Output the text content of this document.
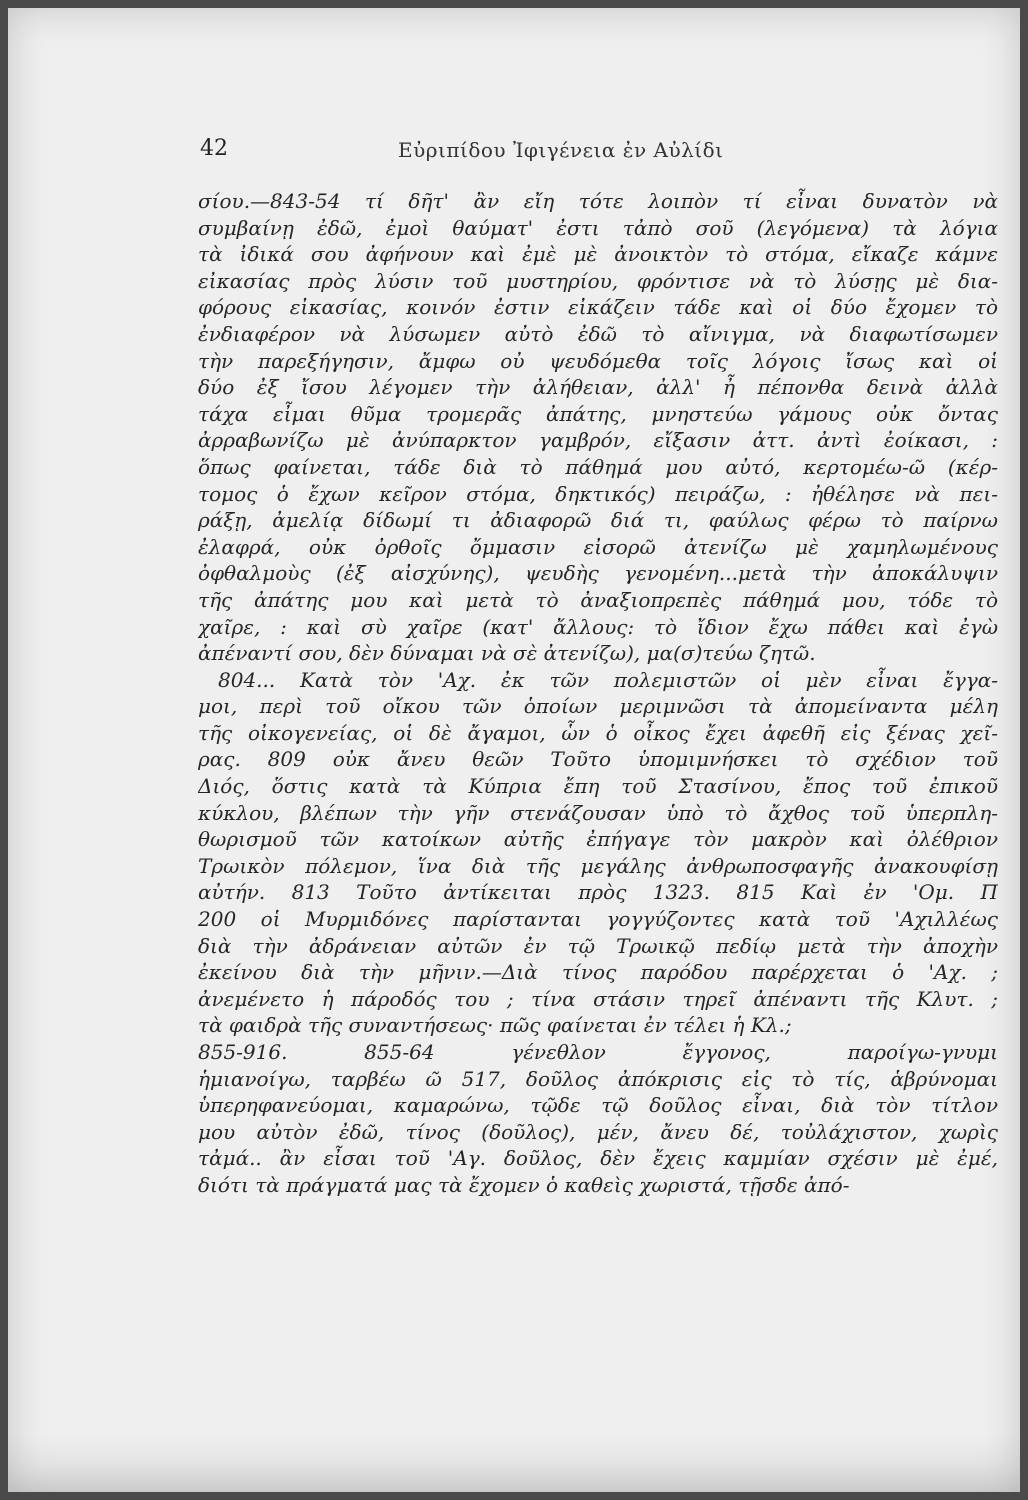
42	Εὐριπίδου Ἰφιγένεια ἐν Αὐλίδι
σίου.—843-54 τί δῆτ' ἂν εἴη τότε λοιπὸν τί εἶναι δυνατὸν νὰ
συμβαίνῃ ἐδῶ, ἐμοὶ θαύματ' ἐστι τἀπὸ σοῦ (λεγόμενα) τὰ λόγια
τὰ ἰδικά σου ἀφήνουν καὶ ἐμὲ μὲ ἀνοικτὸν τὸ στόμα, εἴκαζε κάμνε
εἰκασίας πρὸς λύσιν τοῦ μυστηρίου, φρόντισε νὰ τὸ λύσῃς μὲ δια-
φόρους εἰκασίας, κοινόν ἐστιν εἰκάζειν τάδε καὶ οἱ δύο ἔχομεν τὸ
ἐνδιαφέρον νὰ λύσωμεν αὐτὸ ἐδῶ τὸ αἴνιγμα, νὰ διαφωτίσωμεν
τὴν παρεξήγησιν, ἄμφω οὐ ψευδόμεθα τοῖς λόγοις ἴσως καὶ οἱ
δύο ἐξ ἴσου λέγομεν τὴν ἀλήθειαν, ἀλλ' ἦ πέπονθα δεινὰ ἀλλὰ
τάχα εἶμαι θῦμα τρομερᾶς ἀπάτης, μνηστεύω γάμους οὐκ ὄντας
ἀρραβωνίζω μὲ ἀνύπαρκτον γαμβρόν, εἴξασιν ἀττ. ἀντὶ ἐοίκασι, :
ὅπως φαίνεται, τάδε διὰ τὸ πάθημά μου αὐτό, κερτομέω-ῶ (κέρ-
τομος ὁ ἔχων κεῖρον στόμα, δηκτικός) πειράζω, : ἠθέλησε νὰ πει-
ράξῃ, ἀμελίᾳ δίδωμί τι ἀδιαφορῶ διά τι, φαύλως φέρω τὸ παίρνω
ἐλαφρά, οὐκ ὀρθοῖς ὄμμασιν εἰσορῶ ἀτενίζω μὲ χαμηλωμένους
ὀφθαλμοὺς (ἐξ αἰσχύνης), ψευδὴς γενομένη...μετὰ τὴν ἀποκάλυψιν
τῆς ἀπάτης μου καὶ μετὰ τὸ ἀναξιοπρεπὲς πάθημά μου, τόδε τὸ
χαῖρε, : καὶ σὺ χαῖρε (κατ' ἄλλους: τὸ ἴδιον ἔχω πάθει καὶ ἐγὼ
ἀπέναντί σου, δὲν δύναμαι νὰ σὲ ἀτενίζω), μα(σ)τεύω ζητῶ.
804... Κατὰ τὸν 'Αχ. ἐκ τῶν πολεμιστῶν οἱ μὲν εἶναι ἔγγα-
μοι, περὶ τοῦ οἴκου τῶν ὁποίων μεριμνῶσι τὰ ἀπομείναντα μέλη
τῆς οἰκογενείας, οἱ δὲ ἄγαμοι, ὧν ὁ οἶκος ἔχει ἀφεθῆ εἰς ξένας χεῖ-
ρας. 809 οὐκ ἄνευ θεῶν Τοῦτο ὑπομιμνήσκει τὸ σχέδιον τοῦ
Διός, ὅστις κατὰ τὰ Κύπρια ἔπη τοῦ Στασίνου, ἔπος τοῦ ἐπικοῦ
κύκλου, βλέπων τὴν γῆν στενάζουσαν ὑπὸ τὸ ἄχθος τοῦ ὑπερπλη-
θωρισμοῦ τῶν κατοίκων αὐτῆς ἐπήγαγε τὸν μακρὸν καὶ ὀλέθριον
Τρωικὸν πόλεμον, ἵνα διὰ τῆς μεγάλης ἀνθρωποσφαγῆς ἀνακουφίσῃ
αὐτήν. 813 Τοῦτο ἀντίκειται πρὸς 1323. 815 Καὶ ἐν 'Ομ. Π
200 οἱ Μυρμιδόνες παρίστανται γογγύζοντες κατὰ τοῦ 'Αχιλλέως
διὰ τὴν ἀδράνειαν αὐτῶν ἐν τῷ Τρωικῷ πεδίῳ μετὰ τὴν ἀποχὴν
ἐκείνου διὰ τὴν μῆνιν.—Διὰ τίνος παρόδου παρέρχεται ὁ 'Αχ. ;
ἀνεμένετο ἡ πάροδός του ; τίνα στάσιν τηρεῖ ἀπέναντι τῆς Κλυτ. ;
τὰ φαιδρὰ τῆς συναντήσεως· πῶς φαίνεται ἐν τέλει ἡ Κλ.;
855-916. 855-64 γένεθλον ἔγγονος, παροίγω-γνυμι
ἡμιανοίγω, ταρβέω ῶ 517, δοῦλος ἀπόκρισις εἰς τὸ τίς, ἁβρύνομαι
ὑπερηφανεύομαι, καμαρώνω, τῷδε τῷ δοῦλος εἶναι, διὰ τὸν τίτλον
μου αὐτὸν ἐδῶ, τίνος (δοῦλος), μέν, ἄνευ δέ, τοὐλάχιστον, χωρὶς
τἀμά.. ἂν εἶσαι τοῦ 'Αγ. δοῦλος, δὲν ἔχεις καμμίαν σχέσιν μὲ ἐμέ,
διότι τὰ πράγματά μας τὰ ἔχομεν ὁ καθεὶς χωριστά, τῇσδε ἀπό-
